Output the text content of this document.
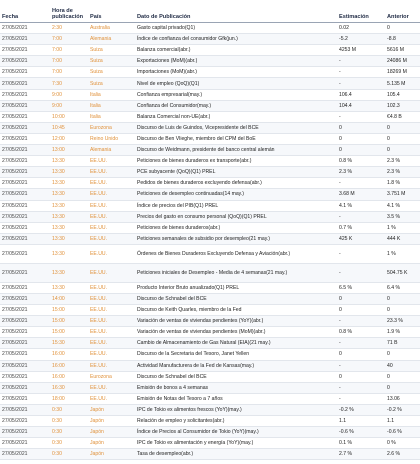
Fecha	Hora de publicación	País	Dato de Publicación	Estimación	Anterior
27/05/2021	2:30	Australia	Gasto capital privado(Q1)	0.02	0
27/05/2021	7:00	Alemania	Índice de confianza del consumidor Gfk(jun.)	-5.2	-8.8
27/05/2021	7:00	Suiza	Balanza comercial(abr.)	4253 M	5616 M
27/05/2021	7:00	Suiza	Exportaciones (MoM)(abr.)	-	24086 M
27/05/2021	7:00	Suiza	Importaciones (MoM)(abr.)	-	18269 M
27/05/2021	7:30	Suiza	Nivel de empleo (QoQ)(Q1)	-	5.135 M
27/05/2021	9:00	Italia	Confianza empresarial(may.)	106.4	105.4
27/05/2021	9:00	Italia	Confianza del Consumidor(may.)	104.4	102.3
27/05/2021	10:00	Italia	Balanza Comercial non-UE(abr.)	-	€4.8 B
27/05/2021	10:45	Eurozona	Discurso de Luis de Guindos, Vicepresidente del BCE	0	0
27/05/2021	12:00	Reino Unido	Discurso de Ben Vlieghe, miembro del CPM del BoE	0	0
27/05/2021	13:00	Alemania	Discurso de Weidmann, presidente del banco central alemán	0	0
27/05/2021	13:30	EE.UU.	Peticiones de bienes duraderos ex transporte(abr.)	0.8 %	2.3 %
27/05/2021	13:30	EE.UU.	PCE subyacente (QoQ)(Q1) PREL	2.3 %	2.3 %
27/05/2021	13:30	EE.UU.	Pedidos de bienes duraderos excluyendo defensa(abr.)	-	1.8 %
27/05/2021	13:30	EE.UU.	Peticiones de desempleo continuadas(14 may.)	3.68 M	3.751 M
27/05/2021	13:30	EE.UU.	Índice de precios del PIB(Q1) PREL	4.1 %	4.1 %
27/05/2021	13:30	EE.UU.	Precios del gasto en consumo personal (QoQ)(Q1) PREL	-	3.5 %
27/05/2021	13:30	EE.UU.	Peticiones de bienes duraderos(abr.)	0.7 %	1 %
27/05/2021	13:30	EE.UU.	Peticiones semanales de subsidio por desempleo(21 may.)	425 K	444 K
27/05/2021	13:30	EE.UU.	Órdenes de Bienes Duraderos Excluyendo Defensa y Aviación(abr.)	-	1 %
27/05/2021	13:30	EE.UU.	Peticiones iniciales de Desempleo - Media de 4 semanas(21 may.)	-	504.75 K
27/05/2021	13:30	EE.UU.	Producto Interior Bruto anualizado(Q1) PREL	6.5 %	6.4 %
27/05/2021	14:00	EE.UU.	Discurso de Schnabel del BCE	0	0
27/05/2021	15:00	EE.UU.	Discurso de Keith Quarles, miembro de la Fed	0	0
27/05/2021	15:00	EE.UU.	Variación de ventas de viviendas pendientes (YoY)(abr.)	-	23.3 %
27/05/2021	15:00	EE.UU.	Variación de ventas de viviendas pendientes (MoM)(abr.)	0.8 %	1.9 %
27/05/2021	15:30	EE.UU.	Cambio de Almacenamiento de Gas Natural (EIA)(21 may.)	-	71 B
27/05/2021	16:00	EE.UU.	Discurso de la Secretaria del Tesoro, Janet Yellen	0	0
27/05/2021	16:00	EE.UU.	Actividad Manufacturera de la Fed de Kansas(may.)	-	40
27/05/2021	16:00	Eurozona	Discurso de Schnabel del BCE	0	0
27/05/2021	16:30	EE.UU.	Emisión de bonos a 4 semanas	-	0
27/05/2021	18:00	EE.UU.	Emisión de Notas del Tesoro a 7 años	-	13.06
27/05/2021	0:30	Japón	IPC de Tokio ex alimentos frescos (YoY)(may.)	-0.2 %	-0.2 %
27/05/2021	0:30	Japón	Relación de empleo y solicitantes(abr.)	1.1	1.1
27/05/2021	0:30	Japón	Índice de Precios al Consumidor de Tokio (YoY)(may.)	-0.6 %	-0.6 %
27/05/2021	0:30	Japón	IPC de Tokio ex alimentación y energía (YoY)(may.)	0.1 %	0 %
27/05/2021	0:30	Japón	Tasa de desempleo(abr.)	2.7 %	2.6 %
